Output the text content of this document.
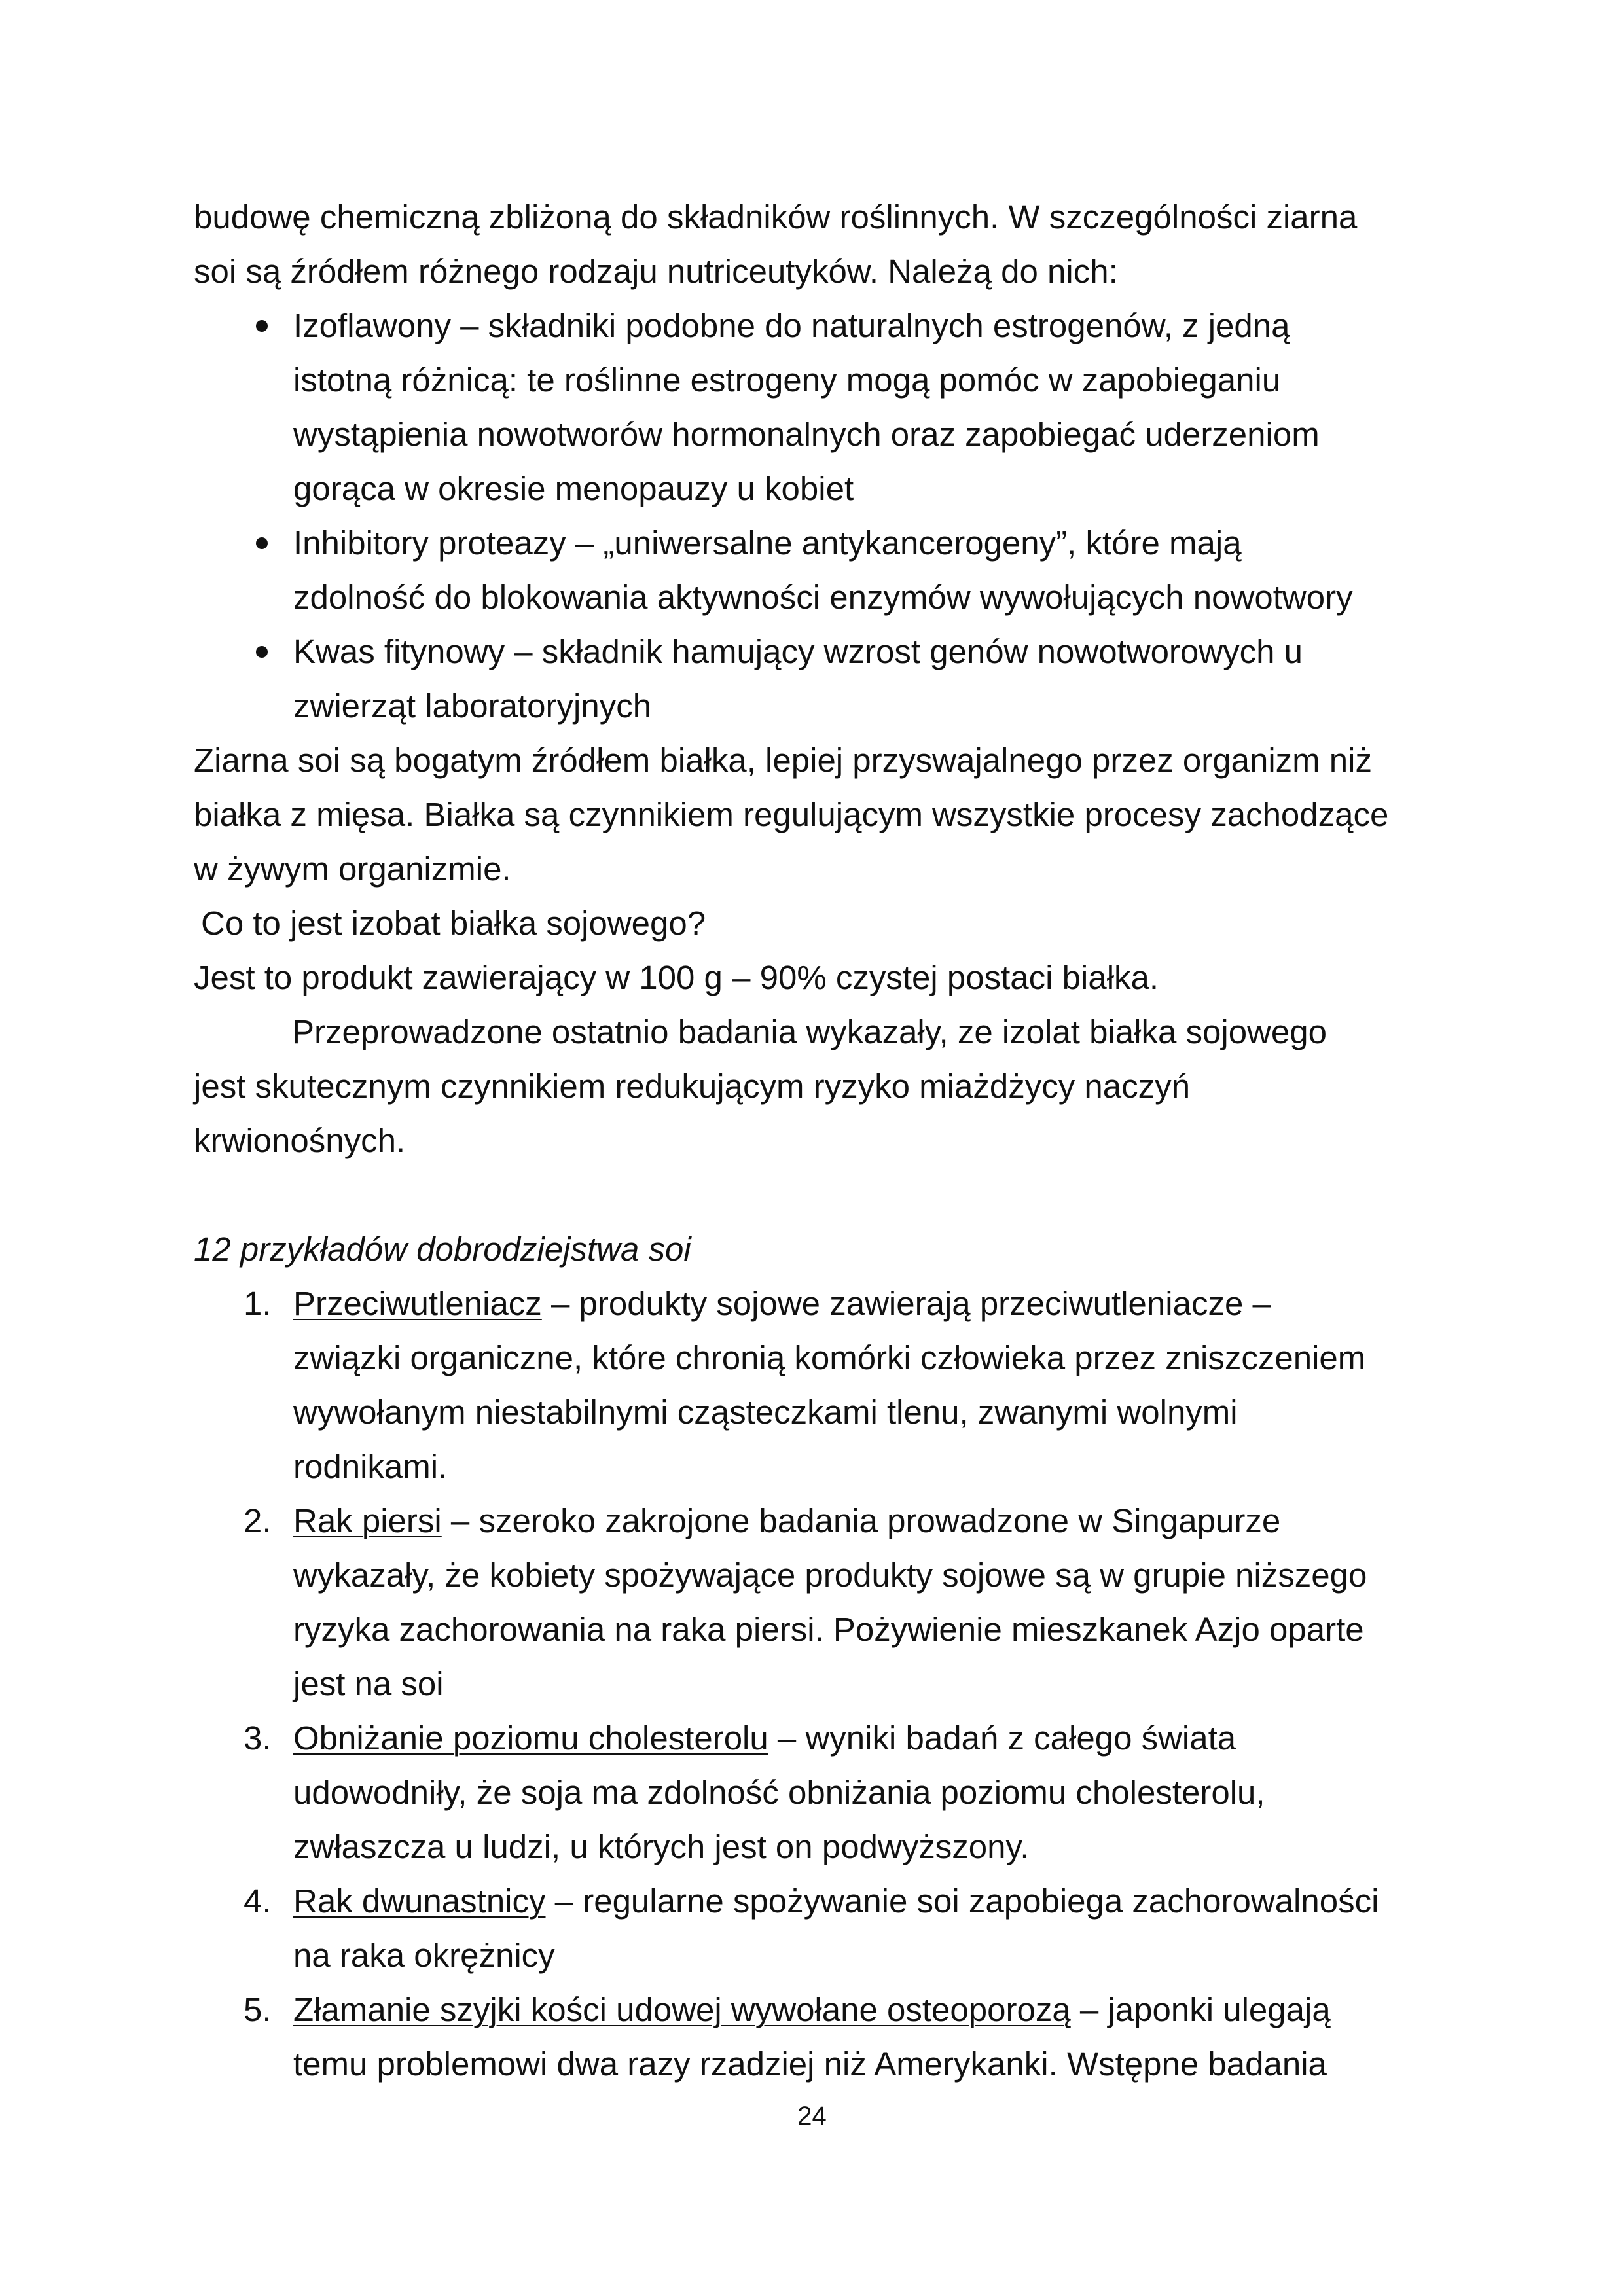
budowę chemiczną zbliżoną do składników roślinnych. W szczególności ziarna
soi są źródłem różnego rodzaju nutriceutyków. Należą do nich:
Izoflawony – składniki podobne do naturalnych estrogenów, z jedną
istotną różnicą: te roślinne estrogeny mogą pomóc w zapobieganiu
wystąpienia nowotworów hormonalnych oraz zapobiegać uderzeniom
gorąca w okresie menopauzy u kobiet
Inhibitory proteazy – „uniwersalne antykancerogeny”, które mają
zdolność do blokowania aktywności enzymów wywołujących nowotwory
Kwas fitynowy – składnik hamujący wzrost genów nowotworowych u
zwierząt laboratoryjnych
Ziarna soi są bogatym źródłem białka, lepiej przyswajalnego przez organizm niż
białka z mięsa. Białka są czynnikiem regulującym wszystkie procesy zachodzące
w żywym organizmie.
Co to jest izobat białka sojowego?
Jest to produkt zawierający w 100 g – 90% czystej postaci białka.
Przeprowadzone ostatnio badania wykazały, ze izolat białka sojowego
jest skutecznym czynnikiem redukującym ryzyko miażdżycy naczyń
krwionośnych.
12 przykładów dobrodziejstwa soi
1. Przeciwutleniacz – produkty sojowe zawierają przeciwutleniacze –
związki organiczne, które chronią komórki człowieka przez zniszczeniem
wywołanym niestabilnymi cząsteczkami tlenu, zwanymi wolnymi
rodnikami.
2. Rak piersi – szeroko zakrojone badania prowadzone w Singapurze
wykazały, że kobiety spożywające produkty sojowe są w grupie niższego
ryzyka zachorowania na raka piersi. Pożywienie mieszkanek Azjo oparte
jest na soi
3. Obniżanie poziomu cholesterolu – wyniki badań z całego świata
udowodniły, że soja ma zdolność obniżania poziomu cholesterolu,
zwłaszcza u ludzi, u których jest on podwyższony.
4. Rak dwunastnicy – regularne spożywanie soi zapobiega zachorowalności
na raka okrężnicy
5. Złamanie szyjki kości udowej wywołane osteoporozą – japonki ulegają
temu problemowi dwa razy rzadziej niż Amerykanki. Wstępne badania
24
